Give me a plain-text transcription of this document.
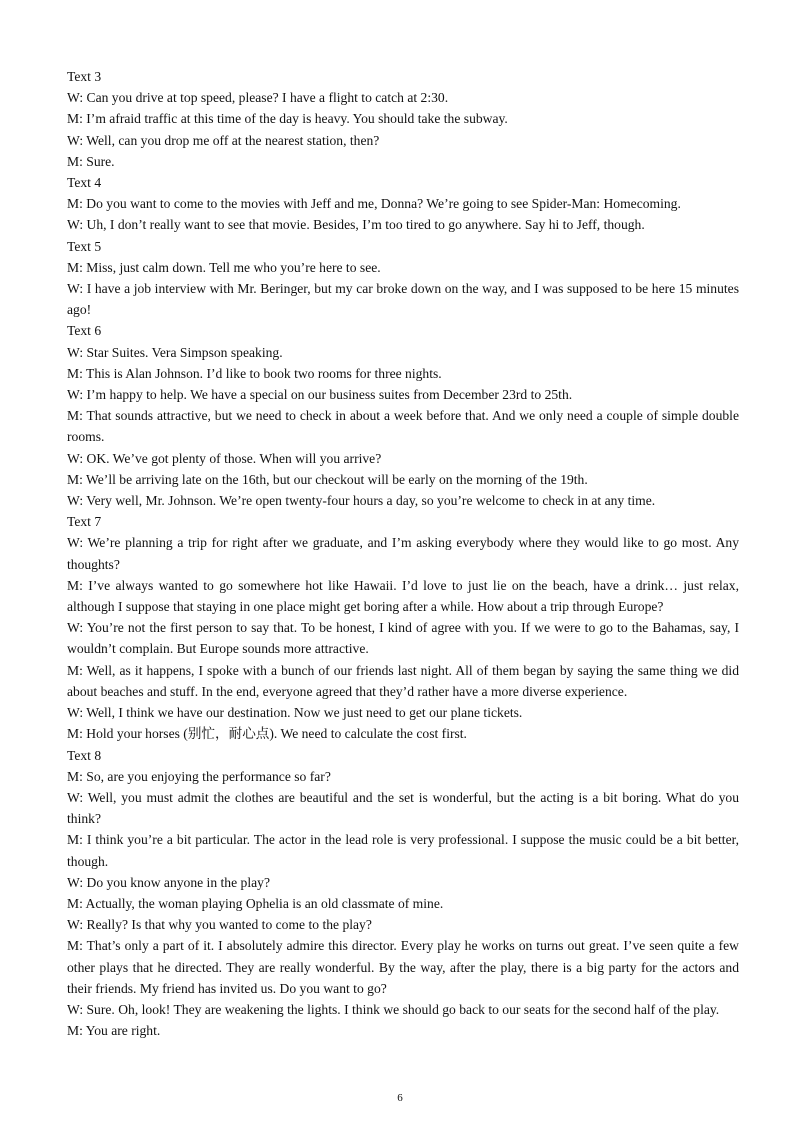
Text 3

W: Can you drive at top speed, please? I have a flight to catch at 2:30.

M: I’m afraid traffic at this time of the day is heavy. You should take the subway.

W: Well, can you drop me off at the nearest station, then?

M: Sure.

Text 4

M: Do you want to come to the movies with Jeff and me, Donna? We’re going to see Spider-Man: Homecoming.

W: Uh, I don’t really want to see that movie. Besides, I’m too tired to go anywhere. Say hi to Jeff, though.

Text 5

M: Miss, just calm down. Tell me who you’re here to see.

W: I have a job interview with Mr. Beringer, but my car broke down on the way, and I was supposed to be here 15 minutes ago!

Text 6

W: Star Suites. Vera Simpson speaking.

M: This is Alan Johnson. I’d like to book two rooms for three nights.

W: I’m happy to help. We have a special on our business suites from December 23rd to 25th.

M: That sounds attractive, but we need to check in about a week before that. And we only need a couple of simple double rooms.

W: OK. We’ve got plenty of those. When will you arrive?

M: We’ll be arriving late on the 16th, but our checkout will be early on the morning of the 19th.

W: Very well, Mr. Johnson. We’re open twenty-four hours a day, so you’re welcome to check in at any time.

Text 7

W: We’re planning a trip for right after we graduate, and I’m asking everybody where they would like to go most. Any thoughts?

M: I’ve always wanted to go somewhere hot like Hawaii. I’d love to just lie on the beach, have a drink… just relax, although I suppose that staying in one place might get boring after a while. How about a trip through Europe?

W: You’re not the first person to say that. To be honest, I kind of agree with you. If we were to go to the Bahamas, say, I wouldn’t complain. But Europe sounds more attractive.

M: Well, as it happens, I spoke with a bunch of our friends last night. All of them began by saying the same thing we did about beaches and stuff. In the end, everyone agreed that they’d rather have a more diverse experience.

W: Well, I think we have our destination. Now we just need to get our plane tickets.

M: Hold your horses (别忙，耐心点). We need to calculate the cost first.

Text 8

M: So, are you enjoying the performance so far?

W: Well, you must admit the clothes are beautiful and the set is wonderful, but the acting is a bit boring. What do you think?

M: I think you’re a bit particular. The actor in the lead role is very professional. I suppose the music could be a bit better, though.

W: Do you know anyone in the play?

M: Actually, the woman playing Ophelia is an old classmate of mine.

W: Really? Is that why you wanted to come to the play?

M: That’s only a part of it. I absolutely admire this director. Every play he works on turns out great. I’ve seen quite a few other plays that he directed. They are really wonderful. By the way, after the play, there is a big party for the actors and their friends. My friend has invited us. Do you want to go?

W: Sure. Oh, look! They are weakening the lights. I think we should go back to our seats for the second half of the play.

M: You are right.

6
